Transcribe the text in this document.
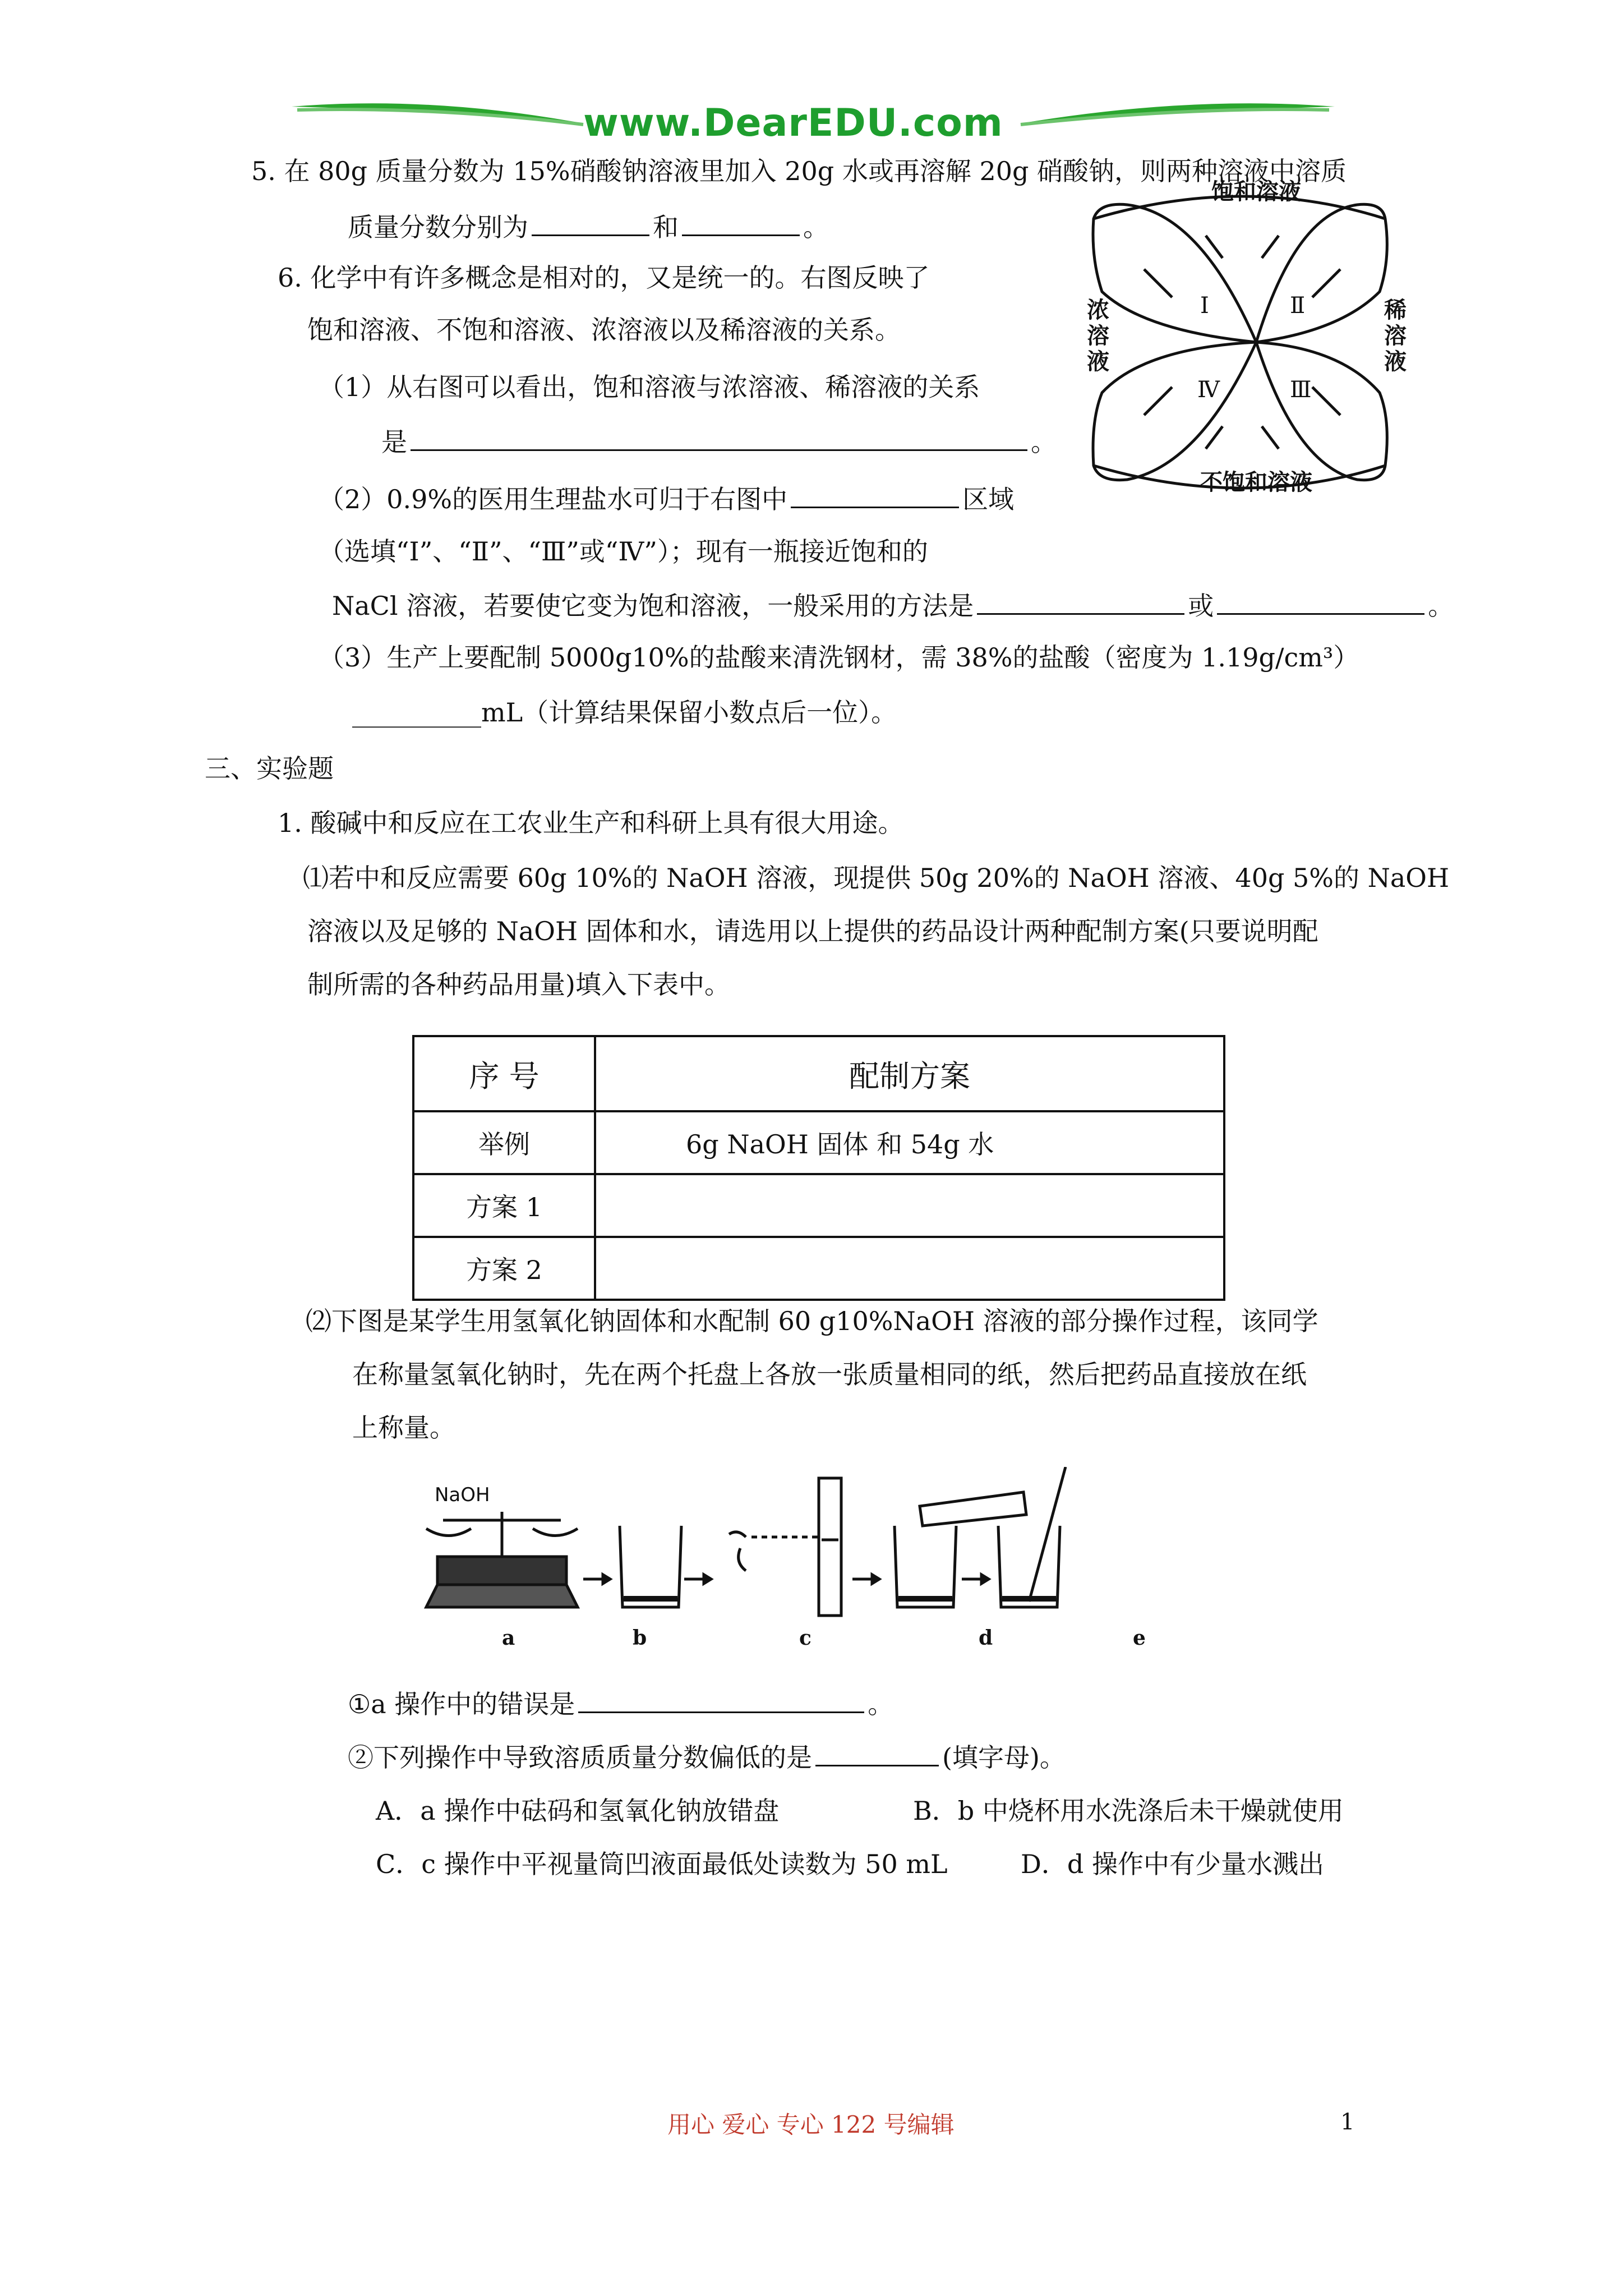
www.DearEDU.com
5. 在 80g 质量分数为 15%硝酸钠溶液里加入 20g 水或再溶解 20g 硝酸钠，则两种溶液中溶质
质量分数分别为	和	。
6. 化学中有许多概念是相对的，又是统一的。右图反映了
饱和溶液、不饱和溶液、浓溶液以及稀溶液的关系。
（1）从右图可以看出，饱和溶液与浓溶液、稀溶液的关系
是	。
（2）0.9%的医用生理盐水可归于右图中	区域
（选填“Ⅰ”、“Ⅱ”、“Ⅲ”或“Ⅳ”）；现有一瓶接近饱和的
NaCl 溶液，若要使它变为饱和溶液，一般采用的方法是	或	。
（3）生产上要配制 5000g10%的盐酸来清洗钢材，需 38%的盐酸（密度为 1.19g/cm³）
__________mL（计算结果保留小数点后一位）。
饱和溶液
不饱和溶液
浓
溶
液
稀
溶
液
Ⅰ	Ⅱ
Ⅲ
Ⅳ
三、实验题
1. 酸碱中和反应在工农业生产和科研上具有很大用途。
⑴若中和反应需要 60g 10%的 NaOH 溶液，现提供 50g 20%的 NaOH 溶液、40g 5%的 NaOH
溶液以及足够的 NaOH 固体和水，请选用以上提供的药品设计两种配制方案(只要说明配
制所需的各种药品用量)填入下表中。
序 号	配制方案
举例	6g NaOH 固体 和 54g 水
方案 1	
方案 2	
⑵下图是某学生用氢氧化钠固体和水配制 60 g10%NaOH 溶液的部分操作过程，该同学
在称量氢氧化钠时，先在两个托盘上各放一张质量相同的纸，然后把药品直接放在纸
上称量。
NaOH
a	b	c	d	e
①a 操作中的错误是	。
②下列操作中导致溶质质量分数偏低的是	(填字母)。
A．a 操作中砝码和氢氧化钠放错盘	B．b 中烧杯用水洗涤后未干燥就使用
C．c 操作中平视量筒凹液面最低处读数为 50 mL	D．d 操作中有少量水溅出
用心 爱心 专心 122 号编辑	1
